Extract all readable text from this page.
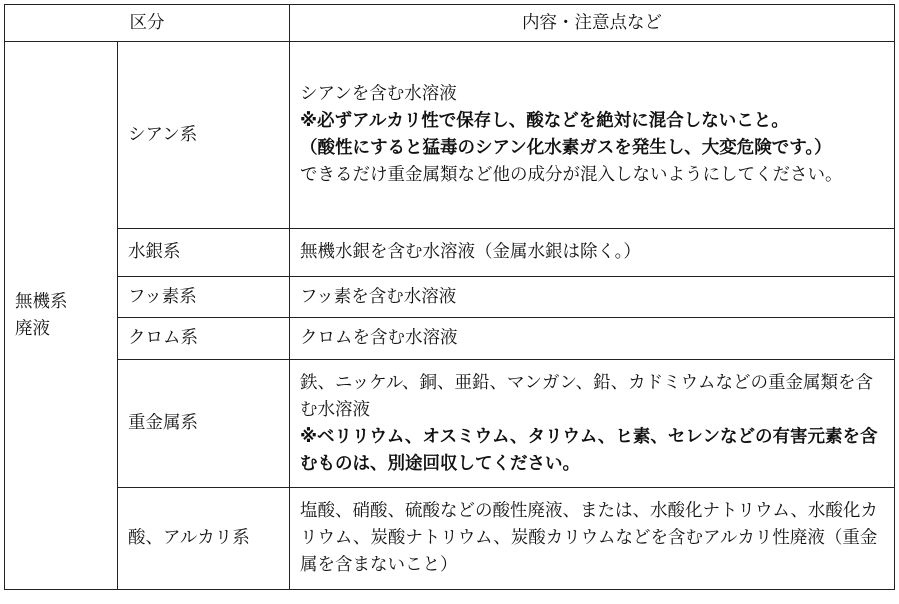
区分		内容・注意点など

無機系
廃液	シアン系	シアンを含む水溶液
※必ずアルカリ性で保存し、酸などを絶対に混合しないこと。
（酸性にすると猛毒のシアン化水素ガスを発生し、大変危険です。）
できるだけ重金属類など他の成分が混入しないようにしてください。

	水銀系	無機水銀を含む水溶液（金属水銀は除く。）

	フッ素系	フッ素を含む水溶液

	クロム系	クロムを含む水溶液

	重金属系	鉄、ニッケル、銅、亜鉛、マンガン、鉛、カドミウムなどの重金属類を含む水溶液
※ベリリウム、オスミウム、タリウム、ヒ素、セレンなどの有害元素を含むものは、別途回収してください。

	酸、アルカリ系	塩酸、硝酸、硫酸などの酸性廃液、または、水酸化ナトリウム、水酸化カリウム、炭酸ナトリウム、炭酸カリウムなどを含むアルカリ性廃液（重金属を含まないこと）
